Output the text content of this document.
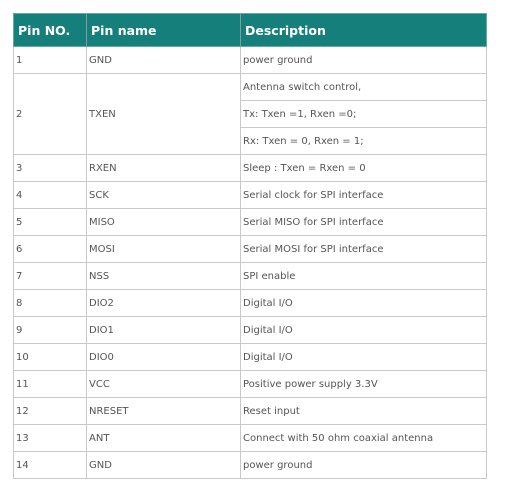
Pin NO.	Pin name	Description
1	GND	power ground
2	TXEN	Antenna switch control,
		Tx: Txen =1, Rxen =0;
		Rx: Txen = 0, Rxen = 1;
3	RXEN	Sleep : Txen = Rxen = 0
4	SCK	Serial clock for SPI interface
5	MISO	Serial MISO for SPI interface
6	MOSI	Serial MOSI for SPI interface
7	NSS	SPI enable
8	DIO2	Digital I/O
9	DIO1	Digital I/O
10	DIO0	Digital I/O
11	VCC	Positive power supply 3.3V
12	NRESET	Reset input
13	ANT	Connect with 50 ohm coaxial antenna
14	GND	power ground
